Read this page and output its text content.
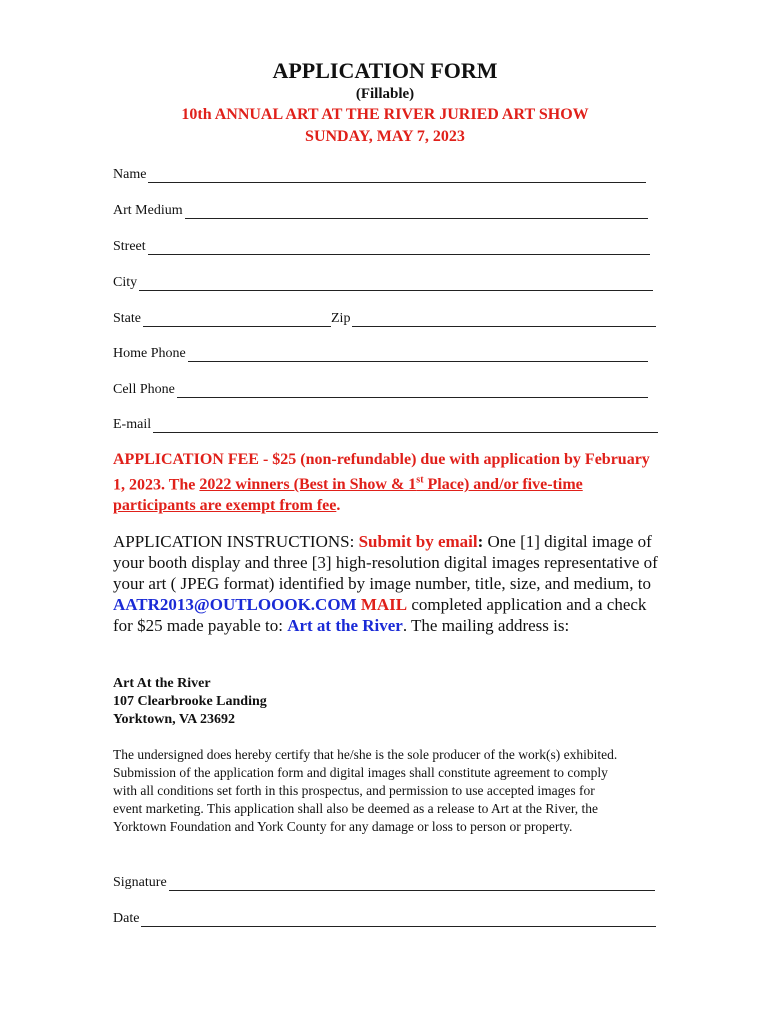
APPLICATION FORM

(Fillable)

10th ANNUAL ART AT THE RIVER JURIED ART SHOW

SUNDAY, MAY 7, 2023

Name
Art Medium
Street
City
State	Zip
Home Phone
Cell Phone
E-mail
APPLICATION FEE - $25 (non-refundable) due with application by February 1, 2023. The 2022 winners (Best in Show & 1st Place) and/or five-time participants are exempt from fee.
APPLICATION INSTRUCTIONS: Submit by email: One [1] digital image of your booth display and three [3] high-resolution digital images representative of your art ( JPEG format) identified by image number, title, size, and medium, to AATR2013@OUTLOOOK.COM MAIL completed application and a check for $25 made payable to: Art at the River. The mailing address is:
Art At the River
107 Clearbrooke Landing
Yorktown, VA 23692
The undersigned does hereby certify that he/she is the sole producer of the work(s) exhibited. Submission of the application form and digital images shall constitute agreement to comply with all conditions set forth in this prospectus, and permission to use accepted images for event marketing. This application shall also be deemed as a release to Art at the River, the Yorktown Foundation and York County for any damage or loss to person or property.
Signature
Date
